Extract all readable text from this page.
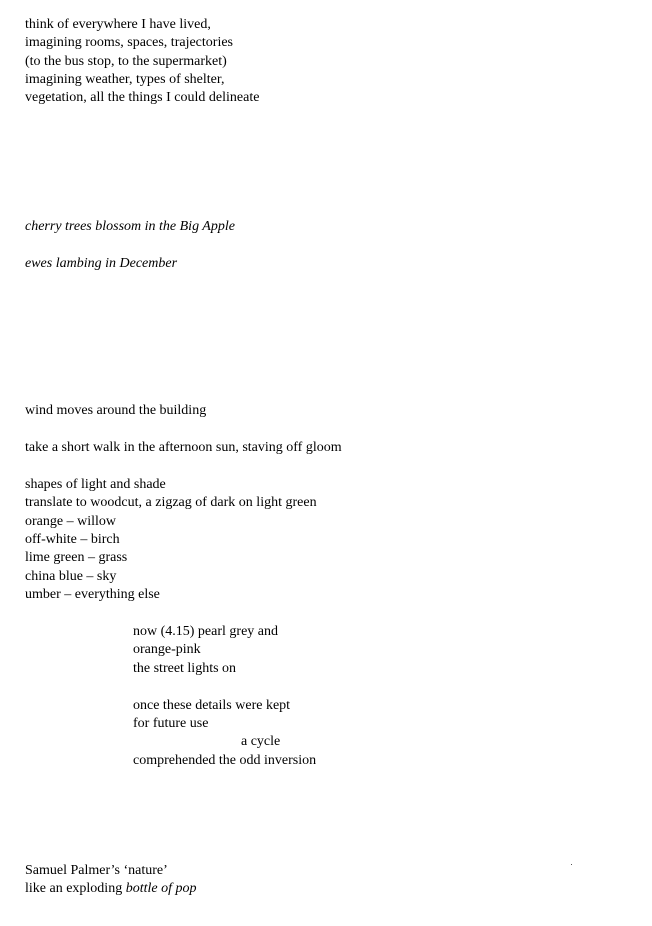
think of everywhere I have lived,
imagining rooms, spaces, trajectories
(to the bus stop, to the supermarket)
imagining weather, types of shelter,
vegetation, all the things I could delineate
cherry trees blossom in the Big Apple
ewes lambing in December
wind moves around the building
take a short walk in the afternoon sun, staving off gloom
shapes of light and shade
translate to woodcut, a zigzag of dark on light green
orange – willow
off-white – birch
lime green – grass
china blue – sky
umber – everything else
now (4.15) pearl grey and
orange-pink
the street lights on
once these details were kept
for future use
a cycle
comprehended the odd inversion
Samuel Palmer’s ‘nature’
like an exploding bottle of pop
